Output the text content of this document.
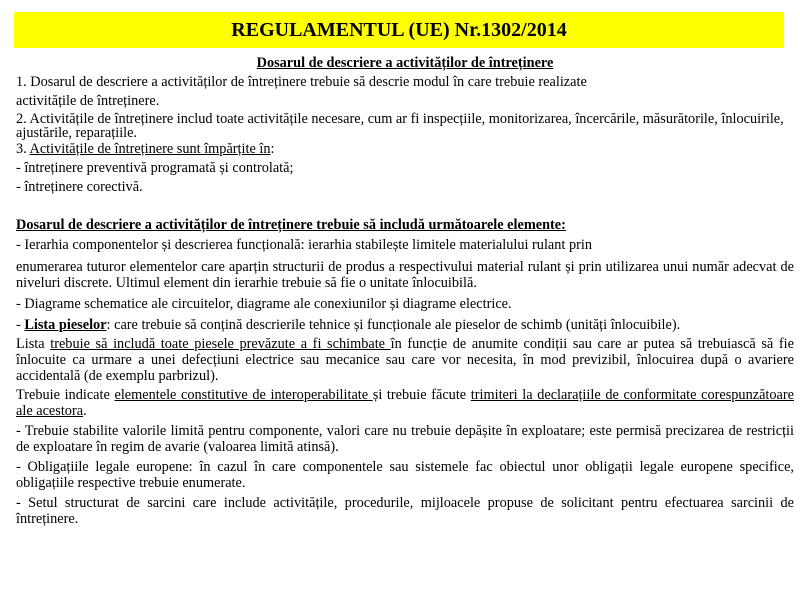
REGULAMENTUL (UE) Nr.1302/2014

Dosarul de descriere a activităților de întreținere

1. Dosarul de descriere a activităților de întreținere trebuie să descrie modul în care trebuie realizate

activitățile de întreținere.

2. Activitățile de întreținere includ toate activitățile necesare, cum ar fi inspecțiile, monitorizarea, încercările, măsurătorile, înlocuirile, ajustările, reparațiile.

3. Activitățile de întreținere sunt împărțite în:

- întreținere preventivă programată și controlată;

- întreținere corectivă.

Dosarul de descriere a activităților de întreținere trebuie să includă următoarele elemente:

- Ierarhia componentelor și descrierea funcțională: ierarhia stabilește limitele materialului rulant prin

enumerarea tuturor elementelor care aparțin structurii de produs a respectivului material rulant și prin utilizarea unui număr adecvat de niveluri discrete. Ultimul element din ierarhie trebuie să fie o unitate înlocuibilă.

- Diagrame schematice ale circuitelor, diagrame ale conexiunilor și diagrame electrice.

- Lista pieselor: care trebuie să conțină descrierile tehnice și funcționale ale pieselor de schimb (unități înlocuibile).

Lista trebuie să includă toate piesele prevăzute a fi schimbate în funcție de anumite condiții sau care ar putea să trebuiască să fie înlocuite ca urmare a unei defecțiuni electrice sau mecanice sau care vor necesita, în mod previzibil, înlocuirea după o avariere accidentală (de exemplu parbrizul).

Trebuie indicate elementele constitutive de interoperabilitate și trebuie făcute trimiteri la declarațiile de conformitate corespunzătoare ale acestora.

- Trebuie stabilite valorile limită pentru componente, valori care nu trebuie depășite în exploatare; este permisă precizarea de restricții de exploatare în regim de avarie (valoarea limită atinsă).

- Obligațiile legale europene: în cazul în care componentele sau sistemele fac obiectul unor obligații legale europene specifice, obligațiile respective trebuie enumerate.

- Setul structurat de sarcini care include activitățile, procedurile, mijloacele propuse de solicitant pentru efectuarea sarcinii de întreținere.
